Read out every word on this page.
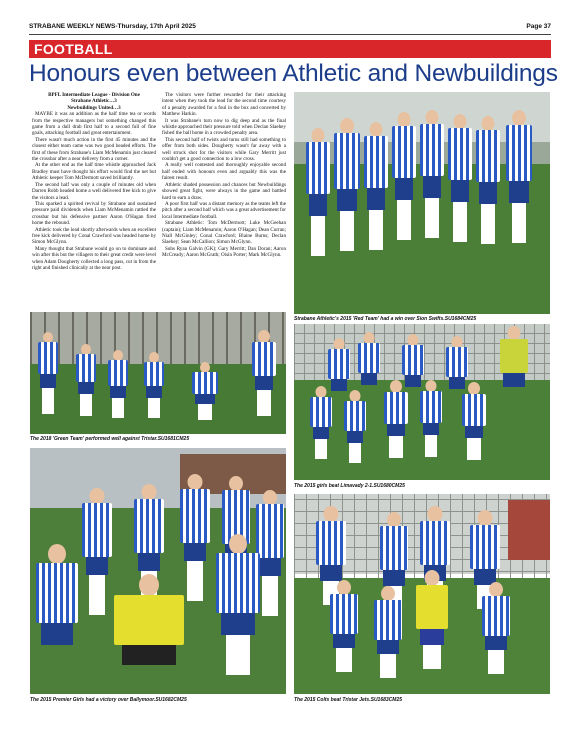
STRABANE WEEKLY NEWS-Thursday, 17th April 2025	Page 37
FOOTBALL
Honours even between Athletic and Newbuildings

BPFL Intermediate League - Division One

Strabane Athletic…3

Newbuildings United…3

MAYBE it was an addition as the half time tea or words from the respective managers but something changed this game from a dull drab first half to a second full of fine goals, attacking football and great entertainment.

There wasn't much action in the first 45 minutes and the closest either team came was two good headed efforts. The first of these from Strabane's Liam McMenamin just cleared the crossbar after a near delivery from a corner.

At the other end as the half time whistle approached Jack Bradley must have thought his effort would find the net but Athletic keeper Tom McDermott saved brilliantly.

The second half was only a couple of minutes old when Darren Robb headed home a well delivered free kick to give the visitors a lead.

This sparked a spirited revival by Strabane and sustained pressure paid dividends when Liam McMenamin rattled the crossbar but his defensive partner Aaron O'Hagan fired home the rebound.

Athletic took the lead shortly afterwards when an excellent free kick delivered by Conal Crawford was headed home by Simon McGlynn.

Many thought that Strabane would go on to dominate and win after this but the villagers to their great credit were level when Adam Dougherty collected a long pass, cut in from the right and finished clinically at the near post.

The visitors were further rewarded for their attacking intent when they took the lead for the second time courtesy of a penalty awarded for a foul in the box and converted by Matthew Harkin.

It was Strabane's turn now to dig deep and as the final whistle approached their pressure told when Declan Slaehey fished the ball home in a crowded penalty area.

This second half of twists and turns still had something to offer from both sides. Dougherty wasn't far away with a well struck shot for the visitors while Gary Merritt just couldn't get a good connection to a low cross.

A really well contested and thoroughly enjoyable second half ended with honours even and arguably this was the fairest result.

Athletic shaded possession and chances but Newbuildings showed great fight, were always in the game and battled hard to earn a draw.

A poor first half was a distant memory as the teams left the pitch after a second half which was a great advertisement for local Intermediate football.

Strabane Athletic: Tom McDermott; Luke McGeehan (captain); Liam McMenamin; Aaron O'Hagan; Dean Curran; Niall McGinley; Conal Crawford; Blaine Burns; Declan Slaehey; Sean McCallion; Simon McGlynn.

Subs Ryan Galvin (GK); Gary Merritt; Dan Doran; Aaron McCready; Aaron McGrath; Oisin Porter; Mark McGlynn.

Strabane Athletic's 2015 'Red Team' had a win over Sion Swifts.SU1684CM25
The 2018 'Green Team' performed well against Tristar.SU1681CM25
The 2015 girls beat Limavady 2-1.SU1680CM25
The 2015 Premier Girls had a victory over Ballymoor.SU1682CM25	The 2015 Colts beat Tristar Jets.SU1683CM25
